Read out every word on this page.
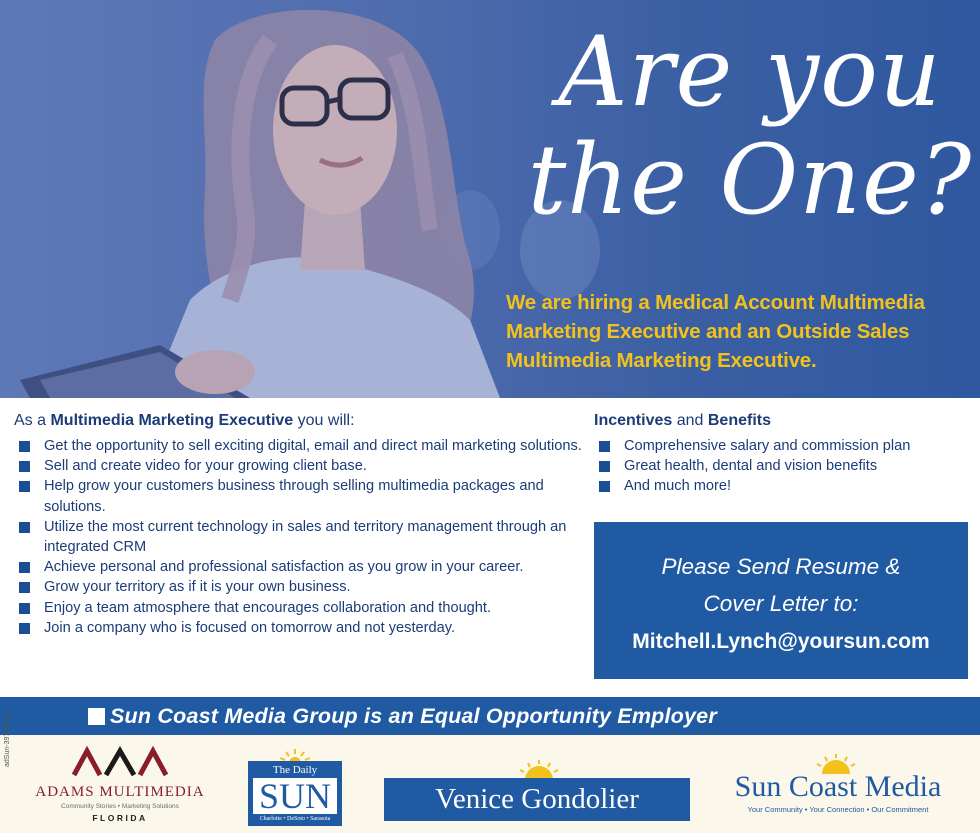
Are you
the One?
We are hiring a Medical Account Multimedia Marketing Executive and an Outside Sales Multimedia Marketing Executive.
As a Multimedia Marketing Executive you will:
Get the opportunity to sell exciting digital, email and direct mail marketing solutions.
Sell and create video for your growing client base.
Help grow your customers business through selling multimedia packages and solutions.
Utilize the most current technology in sales and territory management through an integrated CRM
Achieve personal and professional satisfaction as you grow in your career.
Grow your territory as if it is your own business.
Enjoy a team atmosphere that encourages collaboration and thought.
Join a company who is focused on tomorrow and not yesterday.
Incentives and Benefits
Comprehensive salary and commission plan
Great health, dental and vision benefits
And much more!
Please Send Resume &
Cover Letter to:
Mitchell.Lynch@yoursun.com
Sun Coast Media Group is an Equal Opportunity Employer
adSun-3975229-1
ADAMS MULTIMEDIA
Community Stories • Marketing Solutions
FLORIDA
The Daily
SUN
Charlotte • DeSoto • Sarasota
Venice Gondolier	Sun Coast Media
Your Community • Your Connection • Our Commitment
